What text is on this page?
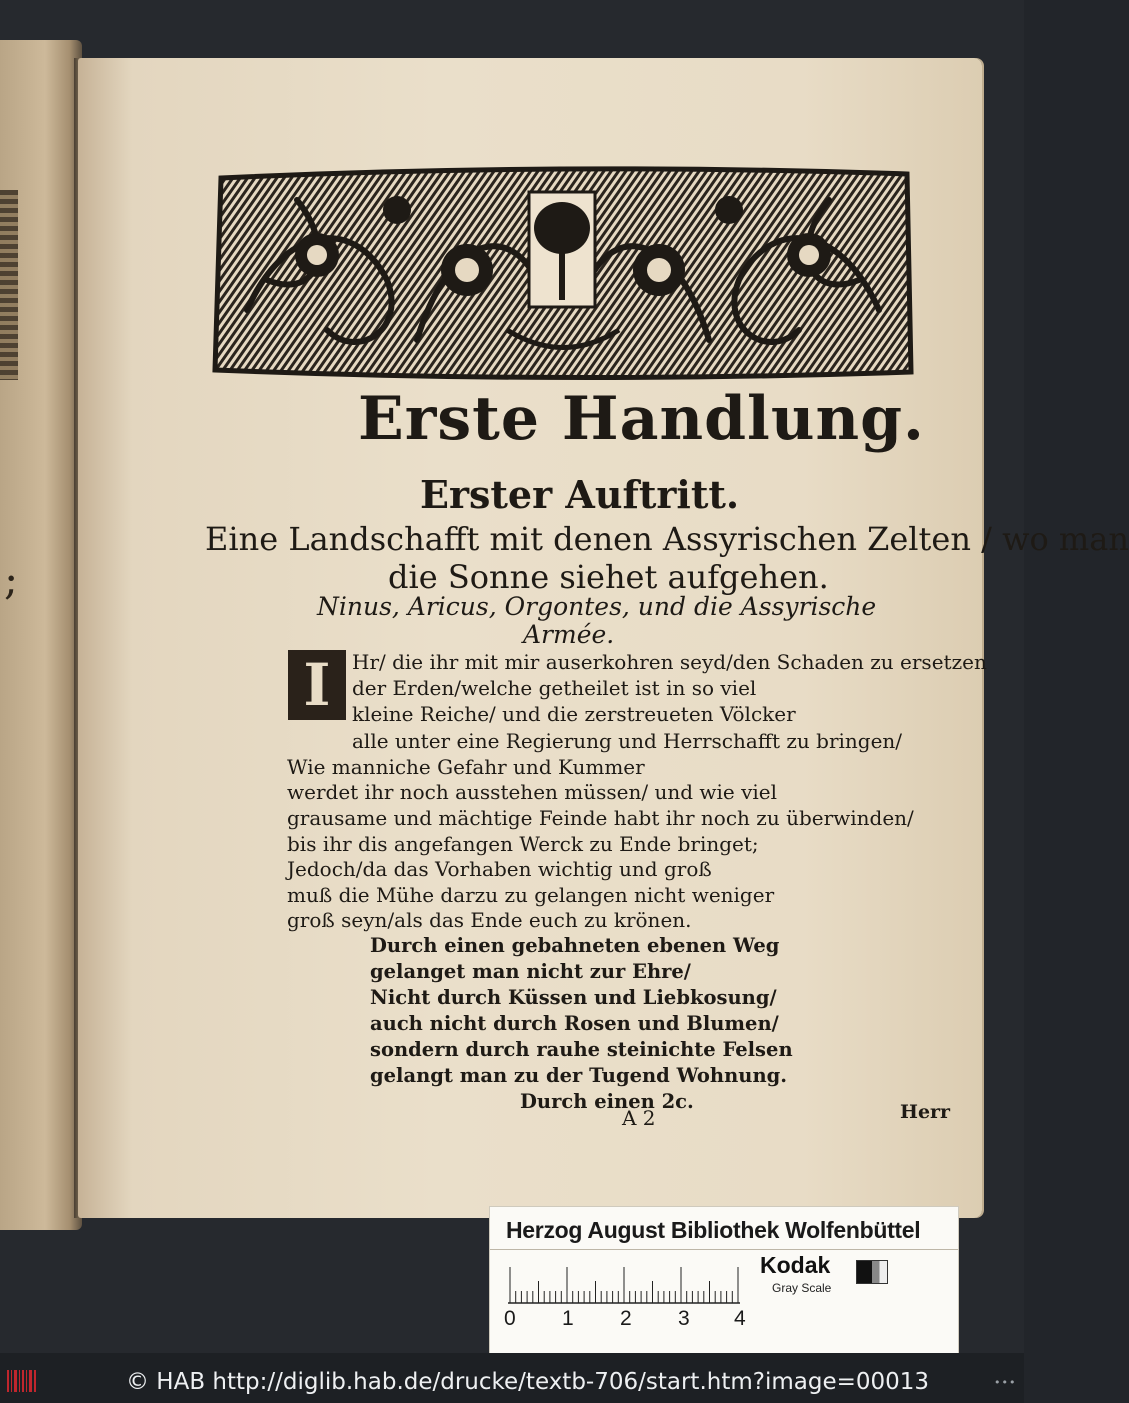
;
Erste Handlung.
Erster Auftritt.
Eine Landschafft mit denen Assyrischen Zelten / wo man
die Sonne siehet aufgehen.
Ninus, Aricus, Orgontes, und die Assyrische
Armée.
I	Hr/ die ihr mit mir auserkohren seyd/den Schaden zu ersetzen
der Erden/welche getheilet ist in so viel
kleine Reiche/ und die zerstreueten Völcker
alle unter eine Regierung und Herrschafft zu bringen/
Wie manniche Gefahr und Kummer
werdet ihr noch ausstehen müssen/ und wie viel
grausame und mächtige Feinde habt ihr noch zu überwinden/
bis ihr dis angefangen Werck zu Ende bringet;
Jedoch/da das Vorhaben wichtig und groß
muß die Mühe darzu zu gelangen nicht weniger
groß seyn/als das Ende euch zu krönen.
Durch einen gebahneten ebenen Weg
gelanget man nicht zur Ehre/
Nicht durch Küssen und Liebkosung/
auch nicht durch Rosen und Blumen/
sondern durch rauhe steinichte Felsen
gelangt man zu der Tugend Wohnung.
Durch einen 2c.
A 2	Herr
Herzog August Bibliothek Wolfenbüttel
0 1 2 3 4
Kodak
Gray Scale
© HAB http://diglib.hab.de/drucke/textb-706/start.htm?image=00013	•••
